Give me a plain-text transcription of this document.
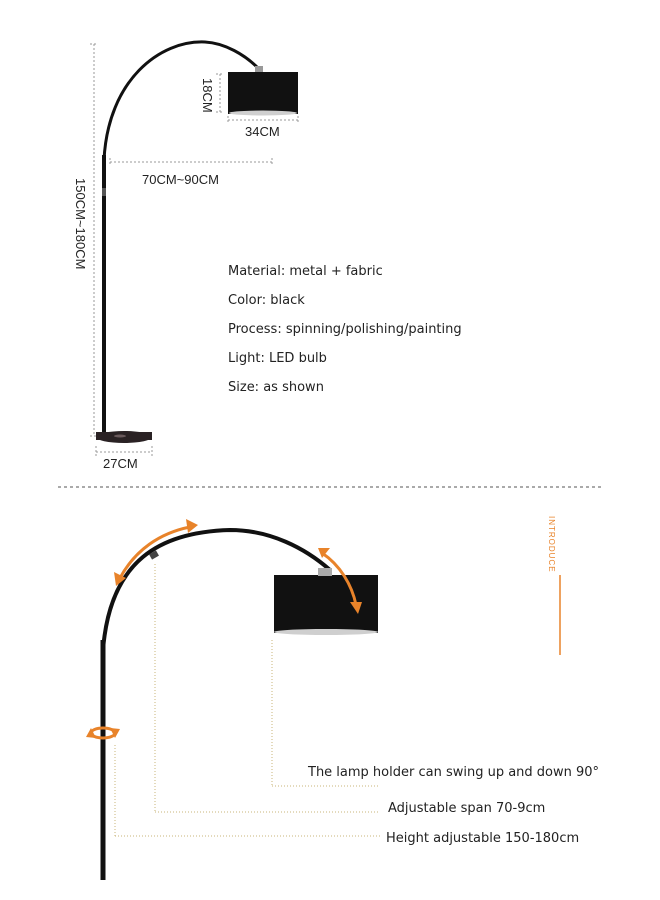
18CM
34CM
70CM~90CM
150CM~180CM
27CM
Material: metal + fabric
Color: black
Process: spinning/polishing/painting
Light: LED bulb
Size: as shown
INTRODUCE
The lamp holder can swing up and down 90°
Adjustable span 70-9cm
Height adjustable 150-180cm
